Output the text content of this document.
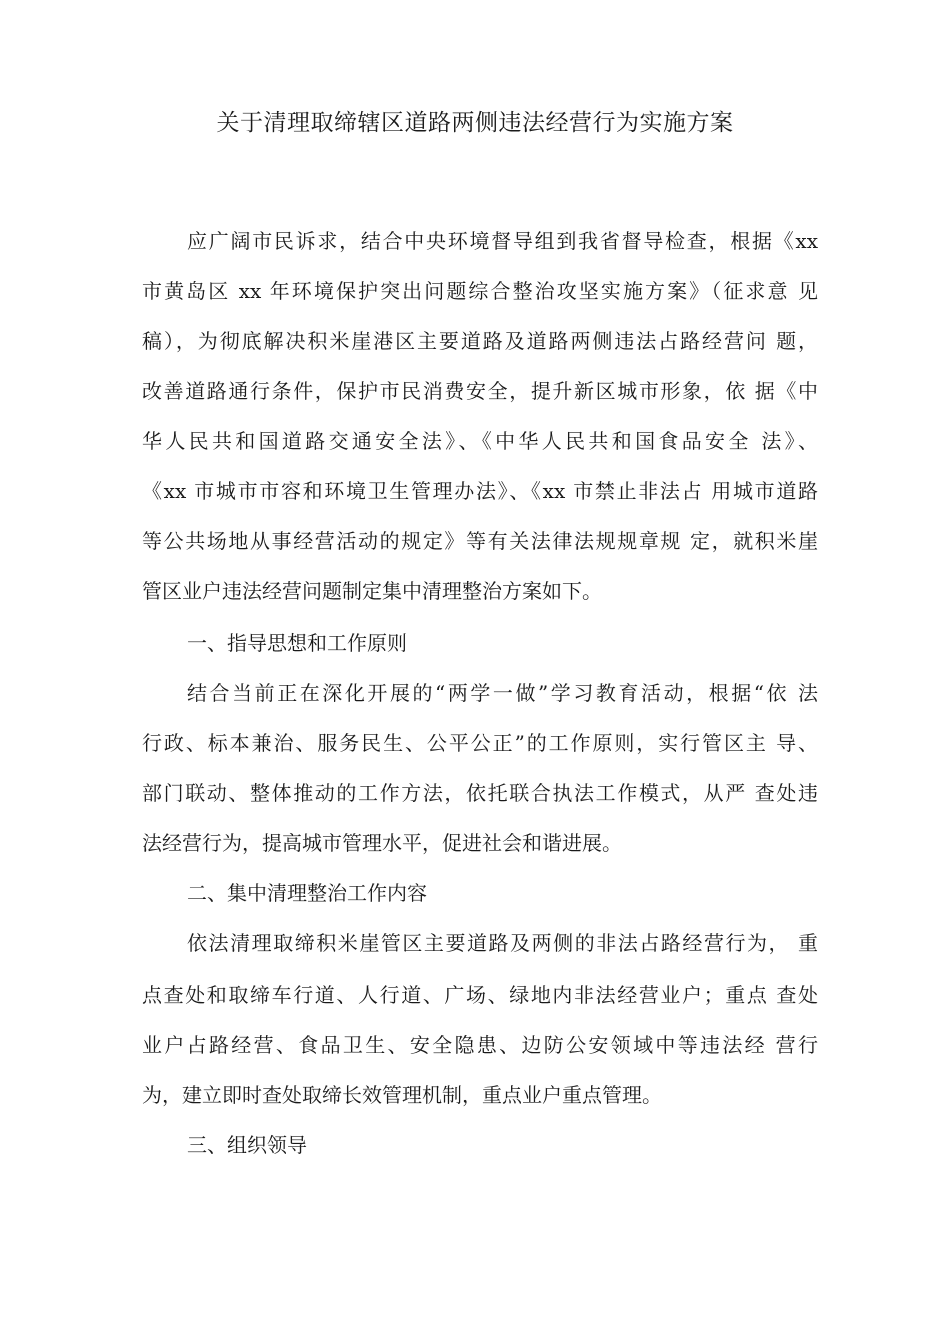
关于清理取缔辖区道路两侧违法经营行为实施方案
应广阔市民诉求，结合中央环境督导组到我省督导检查，根据《xx
市黄岛区 xx 年环境保护突出问题综合整治攻坚实施方案》（征求意 见
稿），为彻底解决积米崖港区主要道路及道路两侧违法占路经营问 题，
改善道路通行条件，保护市民消费安全，提升新区城市形象，依 据《中
华人民共和国道路交通安全法》、《中华人民共和国食品安全 法》、
《xx 市城市市容和环境卫生管理办法》、《xx 市禁止非法占 用城市道路
等公共场地从事经营活动的规定》等有关法律法规规章规 定，就积米崖
管区业户违法经营问题制定集中清理整治方案如下。
一、指导思想和工作原则
结合当前正在深化开展的“两学一做”学习教育活动，根据“依 法
行政、标本兼治、服务民生、公平公正”的工作原则，实行管区主 导、
部门联动、整体推动的工作方法，依托联合执法工作模式，从严 查处违
法经营行为，提高城市管理水平，促进社会和谐进展。
二、集中清理整治工作内容
依法清理取缔积米崖管区主要道路及两侧的非法占路经营行为， 重
点查处和取缔车行道、人行道、广场、绿地内非法经营业户；重点 查处
业户占路经营、食品卫生、安全隐患、边防公安领域中等违法经 营行
为，建立即时查处取缔长效管理机制，重点业户重点管理。
三、组织领导
